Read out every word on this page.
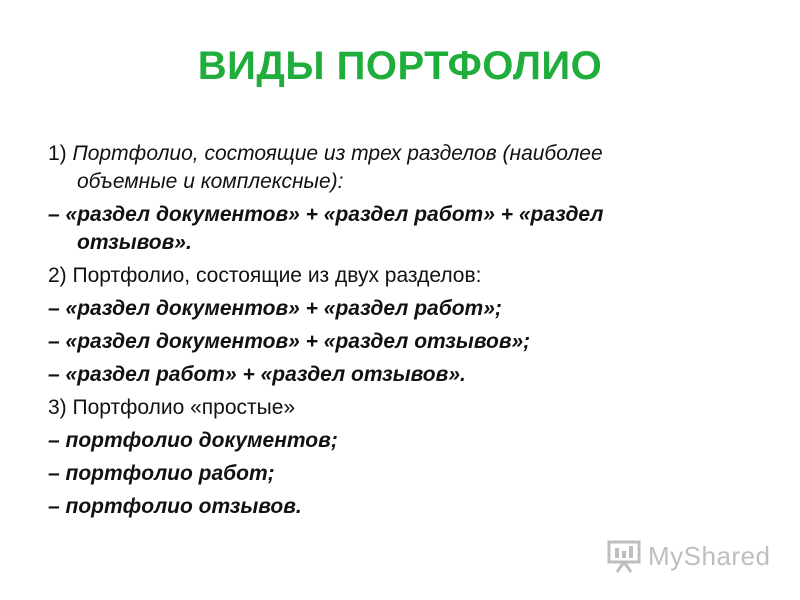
ВИДЫ ПОРТФОЛИО
1) Портфолио, состоящие из трех разделов (наиболее
объемные и комплексные):
– «раздел документов» + «раздел работ» + «раздел
отзывов».
2) Портфолио, состоящие из двух разделов:
– «раздел документов» + «раздел работ»;
– «раздел документов» + «раздел отзывов»;
– «раздел работ» + «раздел отзывов».
3) Портфолио «простые»
– портфолио документов;
– портфолио работ;
– портфолио отзывов.
MyShared
